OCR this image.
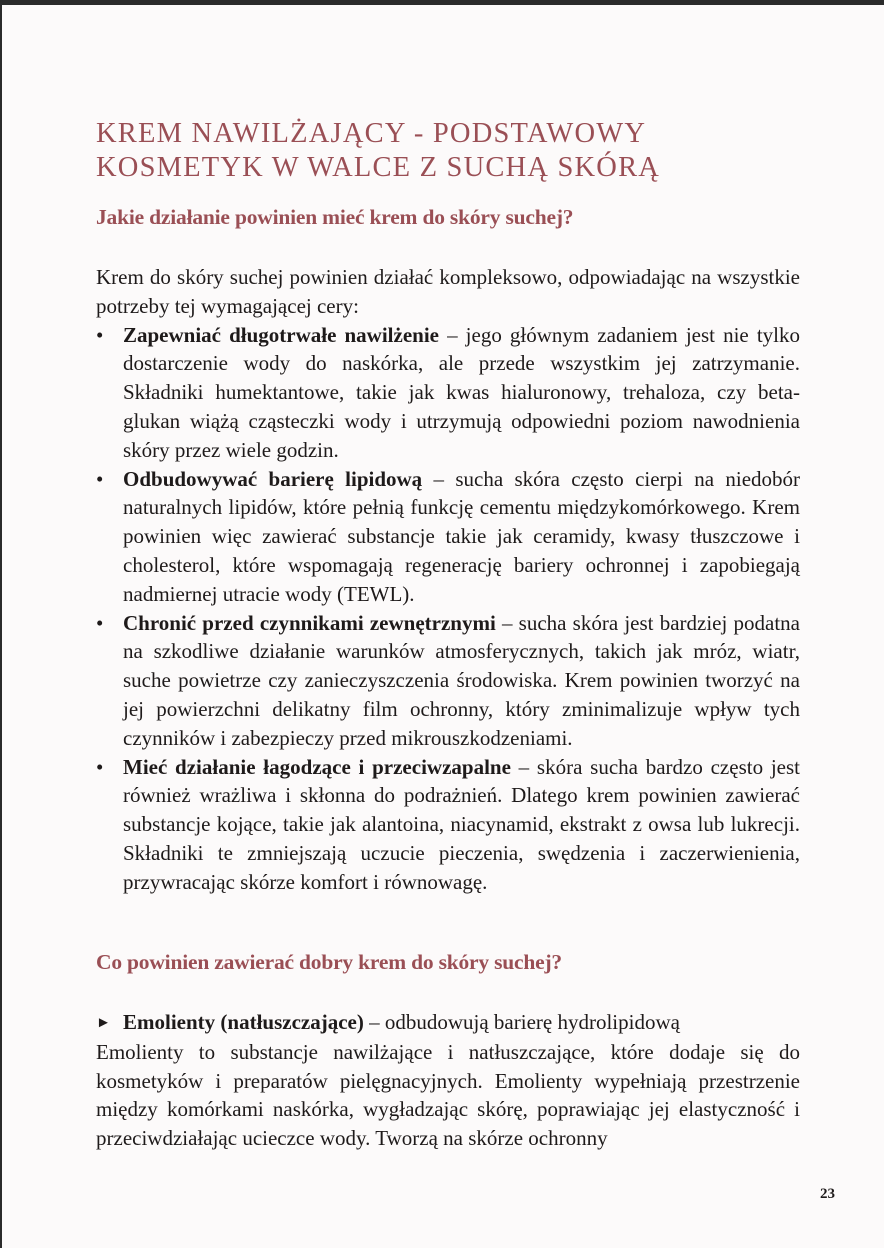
KREM NAWILŻAJĄCY - PODSTAWOWY
KOSMETYK W WALCE Z SUCHĄ SKÓRĄ
Jakie działanie powinien mieć krem do skóry suchej?

Krem do skóry suchej powinien działać kompleksowo, odpowiadając na wszystkie potrzeby tej wymagającej cery:

• Zapewniać długotrwałe nawilżenie – jego głównym zadaniem jest nie tylko dostarczenie wody do naskórka, ale przede wszystkim jej zatrzymanie. Składniki humektantowe, takie jak kwas hialuronowy, trehaloza, czy beta-glukan wiążą cząsteczki wody i utrzymują odpowiedni poziom nawodnienia skóry przez wiele godzin.
• Odbudowywać barierę lipidową – sucha skóra często cierpi na niedobór naturalnych lipidów, które pełnią funkcję cementu międzykomórkowego. Krem powinien więc zawierać substancje takie jak ceramidy, kwasy tłuszczowe i cholesterol, które wspomagają regenerację bariery ochronnej i zapobiegają nadmiernej utracie wody (TEWL).
• Chronić przed czynnikami zewnętrznymi – sucha skóra jest bardziej podatna na szkodliwe działanie warunków atmosferycznych, takich jak mróz, wiatr, suche powietrze czy zanieczyszczenia środowiska. Krem powinien tworzyć na jej powierzchni delikatny film ochronny, który zminimalizuje wpływ tych czynników i zabezpieczy przed mikrouszkodzeniami.
• Mieć działanie łagodzące i przeciwzapalne – skóra sucha bardzo często jest również wrażliwa i skłonna do podrażnień. Dlatego krem powinien zawierać substancje kojące, takie jak alantoina, niacynamid, ekstrakt z owsa lub lukrecji. Składniki te zmniejszają uczucie pieczenia, swędzenia i zaczerwienienia, przywracając skórze komfort i równowagę.
Co powinien zawierać dobry krem do skóry suchej?

► Emolienty (natłuszczające) – odbudowują barierę hydrolipidową

Emolienty to substancje nawilżające i natłuszczające, które dodaje się do kosmetyków i preparatów pielęgnacyjnych. Emolienty wypełniają przestrzenie między komórkami naskórka, wygładzając skórę, poprawiając jej elastyczność i przeciwdziałając ucieczce wody. Tworzą na skórze ochronny

23
